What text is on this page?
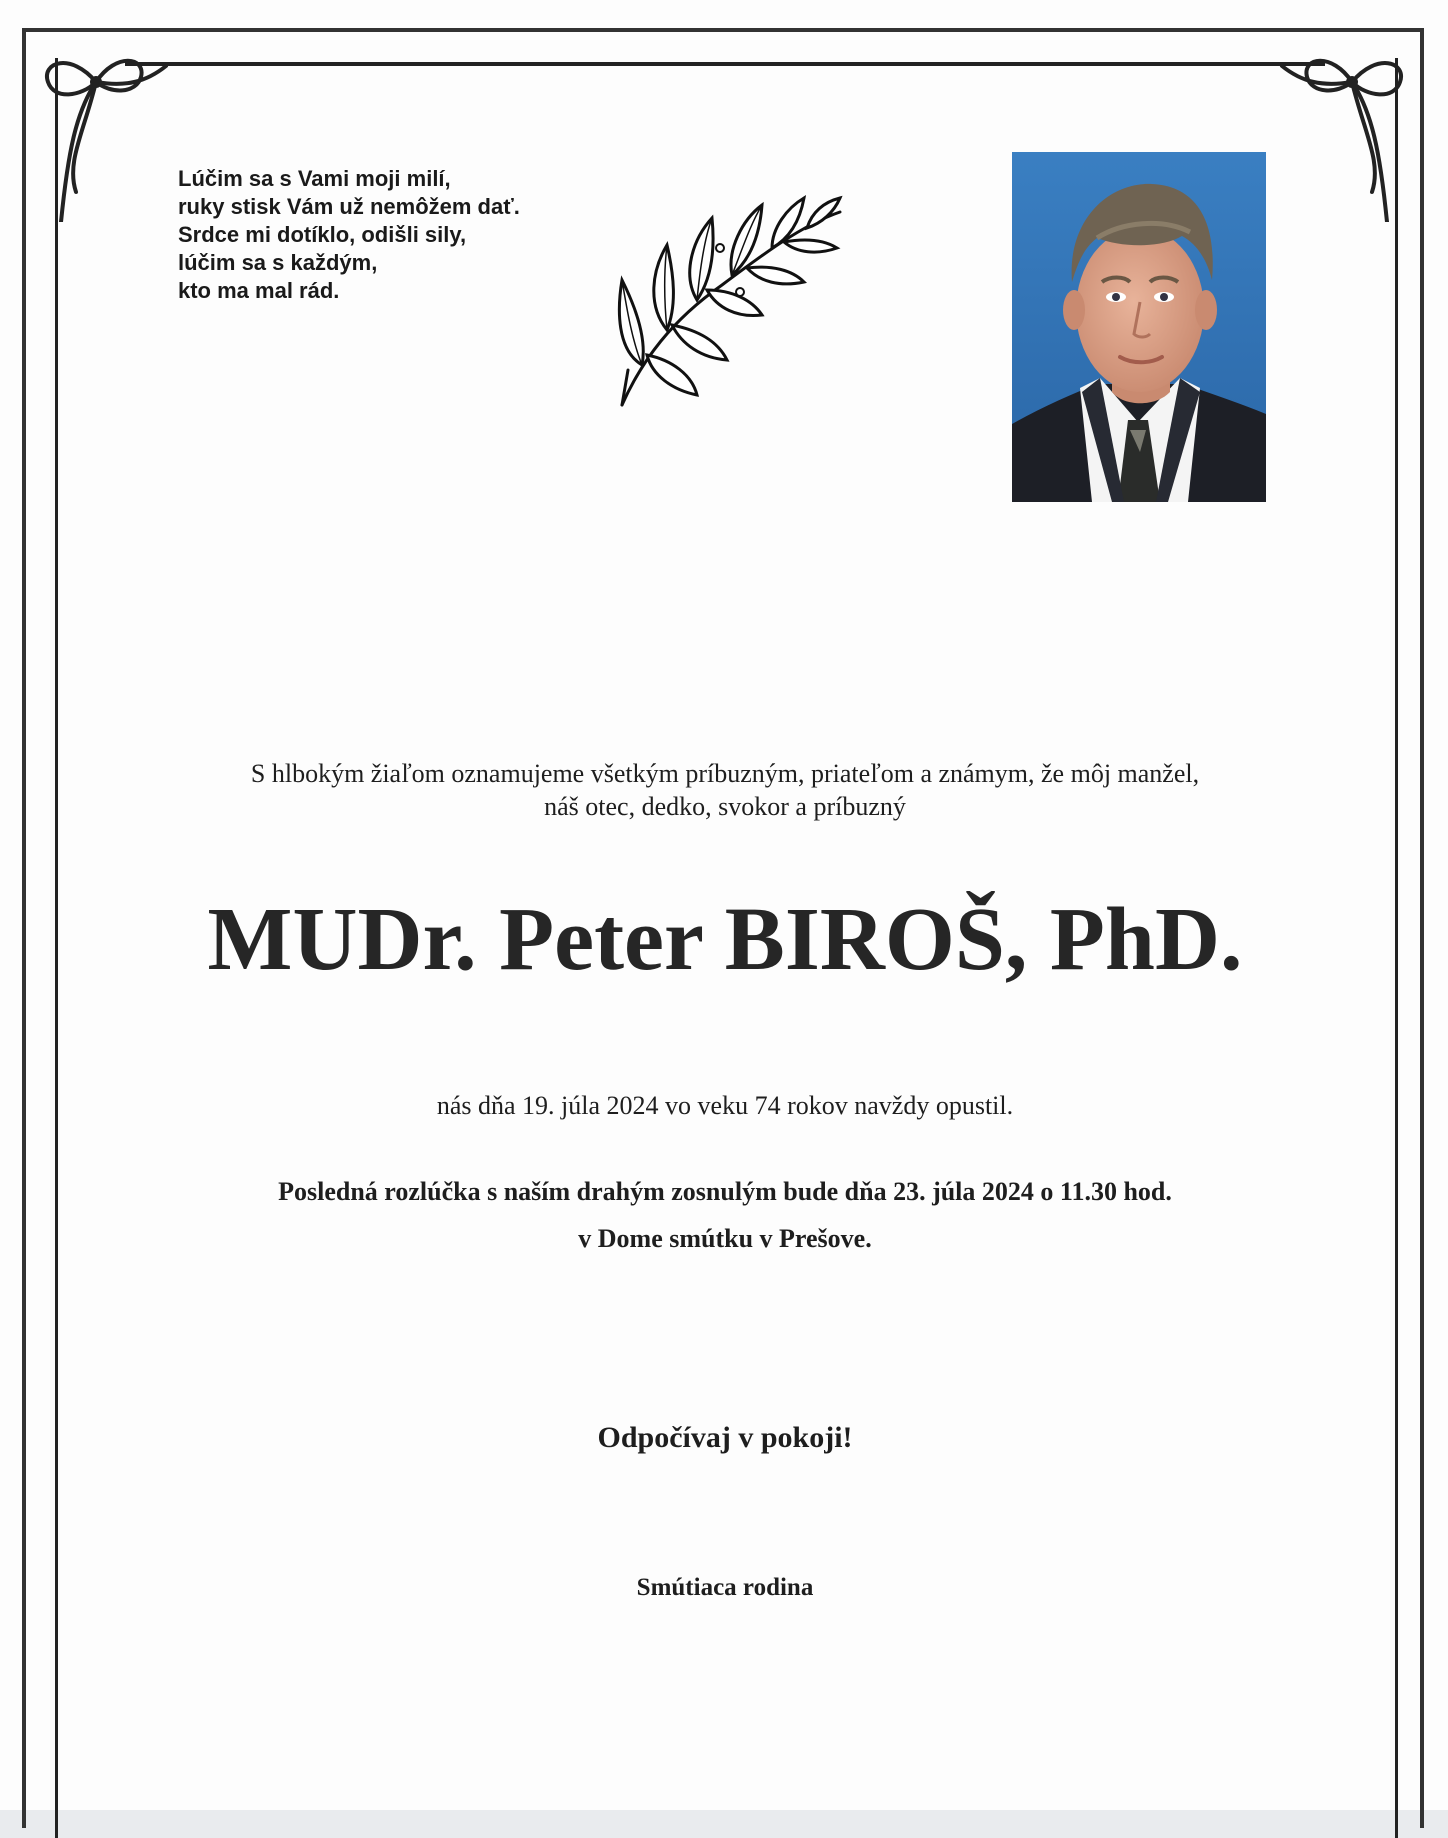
Lúčim sa s Vami moji milí,
ruky stisk Vám už nemôžem dať.
Srdce mi dotíklo, odišli sily,
lúčim sa s každým,
kto ma mal rád.
S hlbokým žiaľom oznamujeme všetkým príbuzným, priateľom a známym, že môj manžel,
náš otec, dedko, svokor a príbuzný
MUDr. Peter BIROŠ, PhD.
nás dňa 19. júla 2024 vo veku 74 rokov navždy opustil.
Posledná rozlúčka s naším drahým zosnulým bude dňa 23. júla 2024 o 11.30 hod.
v Dome smútku v Prešove.
Odpočívaj v pokoji!
Smútiaca rodina
